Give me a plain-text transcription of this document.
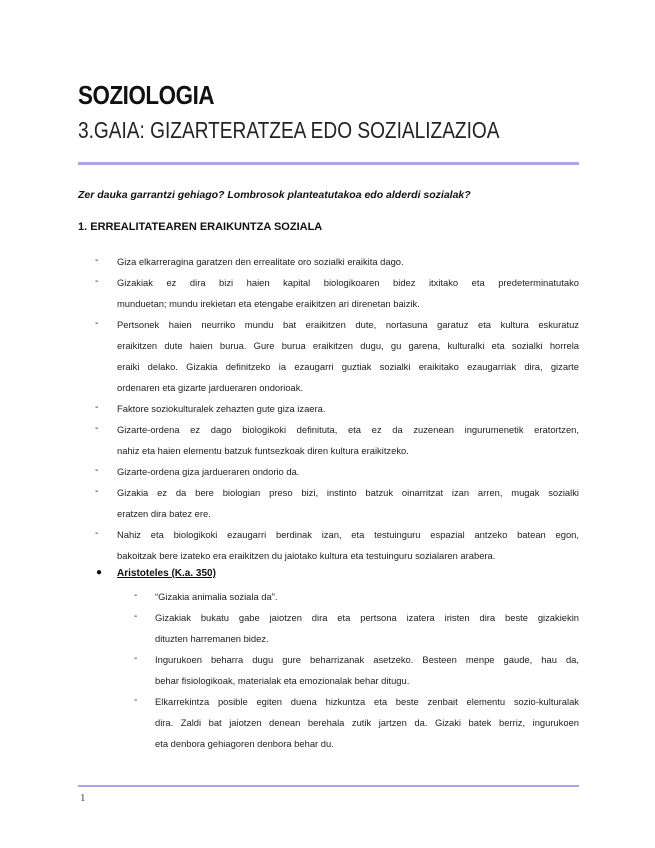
SOZIOLOGIA
3.GAIA: GIZARTERATZEA EDO SOZIALIZAZIOA
Zer dauka garrantzi gehiago? Lombrosok planteatutakoa edo alderdi sozialak?
1. ERREALITATEAREN ERAIKUNTZA SOZIALA
- Giza elkarreragina garatzen den errealitate oro sozialki eraikita dago.
- Gizakiak ez dira bizi haien kapital biologikoaren bidez itxitako eta predeterminatutako
munduetan; mundu irekietan eta etengabe eraikitzen ari direnetan baizik.
- Pertsonek haien neurriko mundu bat eraikitzen dute, nortasuna garatuz eta kultura eskuratuz
eraikitzen dute haien burua. Gure burua eraikitzen dugu, gu garena, kulturalki eta sozialki horrela
eraiki delako. Gizakia definitzeko ia ezaugarri guztiak sozialki eraikitako ezaugarriak dira, gizarte
ordenaren eta gizarte jardueraren ondorioak.
- Faktore soziokulturalek zehazten gute giza izaera.
- Gizarte-ordena ez dago biologikoki definituta, eta ez da zuzenean ingurumenetik eratortzen,
nahiz eta haien elementu batzuk funtsezkoak diren kultura eraikitzeko.
- Gizarte-ordena giza jardueraren ondorio da.
- Gizakia ez da bere biologian preso bizi, instinto batzuk oinarritzat izan arren, mugak sozialki
eratzen dira batez ere.
- Nahiz eta biologikoki ezaugarri berdinak izan, eta testuinguru espazial antzeko batean egon,
bakoitzak bere izateko era eraikitzen du jaiotako kultura eta testuinguru sozialaren arabera.
● Aristoteles (K.a. 350)
- “Gizakia animalia soziala da”.
- Gizakiak bukatu gabe jaiotzen dira eta pertsona izatera iristen dira beste gizakiekin
dituzten harremanen bidez.
- Ingurukoen beharra dugu gure beharrizanak asetzeko. Besteen menpe gaude, hau da,
behar fisiologikoak, materialak eta emozionalak behar ditugu.
- Elkarrekintza posible egiten duena hizkuntza eta beste zenbait elementu sozio-kulturalak
dira. Zaldi bat jaiotzen denean berehala zutik jartzen da. Gizaki batek berriz, ingurukoen
eta denbora gehiagoren denbora behar du.
1
